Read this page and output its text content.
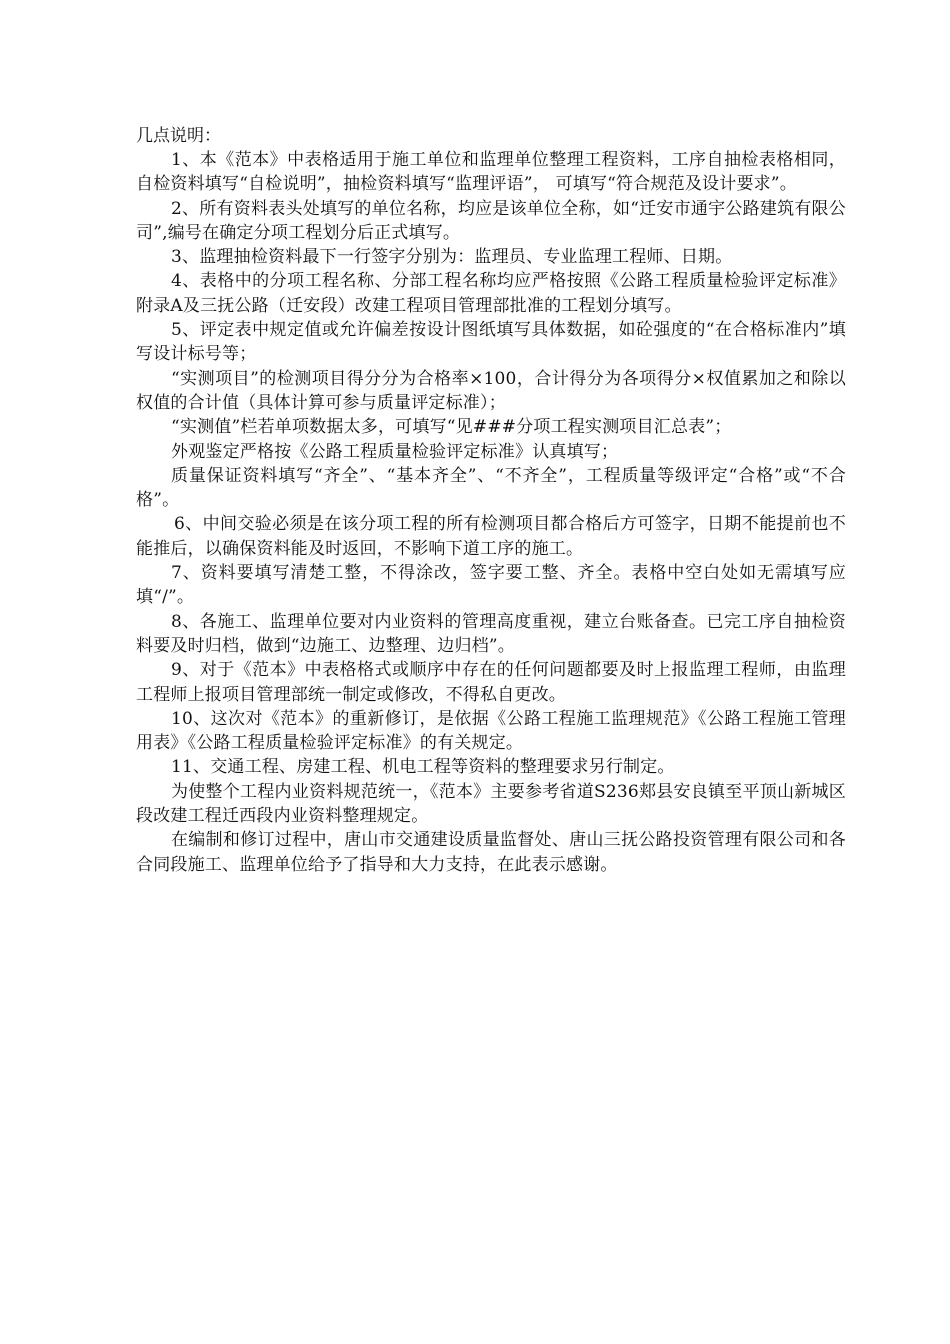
几点说明：

1、本《范本》中表格适用于施工单位和监理单位整理工程资料，工序自抽检表格相同，自检资料填写“自检说明”，抽检资料填写“监理评语”， 可填写“符合规范及设计要求”。

2、所有资料表头处填写的单位名称，均应是该单位全称，如“迁安市通宇公路建筑有限公司”,编号在确定分项工程划分后正式填写。

3、监理抽检资料最下一行签字分别为：监理员、专业监理工程师、日期。

4、表格中的分项工程名称、分部工程名称均应严格按照《公路工程质量检验评定标准》附录A及三抚公路（迁安段）改建工程项目管理部批准的工程划分填写。

5、评定表中规定值或允许偏差按设计图纸填写具体数据，如砼强度的“在合格标准内”填写设计标号等；

“实测项目”的检测项目得分分为合格率×100，合计得分为各项得分×权值累加之和除以权值的合计值（具体计算可参与质量评定标准）；

“实测值”栏若单项数据太多，可填写“见###分项工程实测项目汇总表”；

外观鉴定严格按《公路工程质量检验评定标准》认真填写；

质量保证资料填写“齐全”、“基本齐全”、“不齐全”，工程质量等级评定“合格”或“不合格”。

6、中间交验必须是在该分项工程的所有检测项目都合格后方可签字，日期不能提前也不能推后，以确保资料能及时返回，不影响下道工序的施工。

7、资料要填写清楚工整，不得涂改，签字要工整、齐全。表格中空白处如无需填写应填“/”。

8、各施工、监理单位要对内业资料的管理高度重视，建立台账备查。已完工序自抽检资料要及时归档，做到“边施工、边整理、边归档”。

9、对于《范本》中表格格式或顺序中存在的任何问题都要及时上报监理工程师，由监理工程师上报项目管理部统一制定或修改，不得私自更改。

10、这次对《范本》的重新修订，是依据《公路工程施工监理规范》《公路工程施工管理用表》《公路工程质量检验评定标准》的有关规定。

11、交通工程、房建工程、机电工程等资料的整理要求另行制定。

为使整个工程内业资料规范统一，《范本》主要参考省道S236郏县安良镇至平顶山新城区段改建工程迁西段内业资料整理规定。

在编制和修订过程中，唐山市交通建设质量监督处、唐山三抚公路投资管理有限公司和各合同段施工、监理单位给予了指导和大力支持，在此表示感谢。
